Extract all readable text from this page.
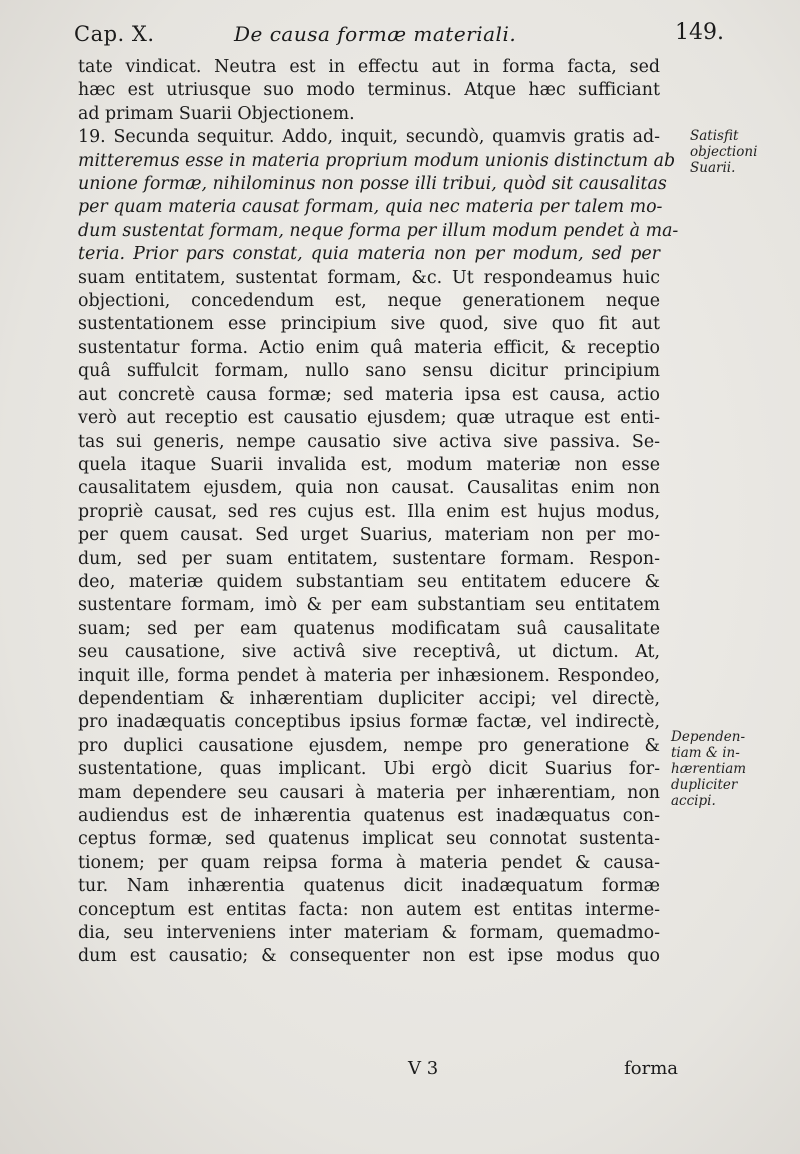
Cap. X.	De causa formæ materiali.	149.
tate vindicat. Neutra est in effectu aut in forma facta, sed
hæc est utriusque suo modo terminus. Atque hæc sufficiant
ad primam Suarii Objectionem.
19. Secunda sequitur. Addo, inquit, secundò, quamvis gratis ad-
mitteremus esse in materia proprium modum unionis distinctum ab
unione formæ, nihilominus non posse illi tribui, quòd sit causalitas
per quam materia causat formam, quia nec materia per talem mo-
dum sustentat formam, neque forma per illum modum pendet à ma-
teria. Prior pars constat, quia materia non per modum, sed per
suam entitatem, sustentat formam, &c. Ut respondeamus huic
objectioni, concedendum est, neque generationem neque
sustentationem esse principium sive quod, sive quo fit aut
sustentatur forma. Actio enim quâ materia efficit, & receptio
quâ suffulcit formam, nullo sano sensu dicitur principium
aut concretè causa formæ; sed materia ipsa est causa, actio
verò aut receptio est causatio ejusdem; quæ utraque est enti-
tas sui generis, nempe causatio sive activa sive passiva. Se-
quela itaque Suarii invalida est, modum materiæ non esse
causalitatem ejusdem, quia non causat. Causalitas enim non
propriè causat, sed res cujus est. Illa enim est hujus modus,
per quem causat. Sed urget Suarius, materiam non per mo-
dum, sed per suam entitatem, sustentare formam. Respon-
deo, materiæ quidem substantiam seu entitatem educere &
sustentare formam, imò & per eam substantiam seu entitatem
suam; sed per eam quatenus modificatam suâ causalitate
seu causatione, sive activâ sive receptivâ, ut dictum. At,
inquit ille, forma pendet à materia per inhæsionem. Respondeo,
dependentiam & inhærentiam dupliciter accipi; vel directè,
pro inadæquatis conceptibus ipsius formæ factæ, vel indirectè,
pro duplici causatione ejusdem, nempe pro generatione &
sustentatione, quas implicant. Ubi ergò dicit Suarius for-
mam dependere seu causari à materia per inhærentiam, non
audiendus est de inhærentia quatenus est inadæquatus con-
ceptus formæ, sed quatenus implicat seu connotat sustenta-
tionem; per quam reipsa forma à materia pendet & causa-
tur. Nam inhærentia quatenus dicit inadæquatum formæ
conceptum est entitas facta: non autem est entitas interme-
dia, seu interveniens inter materiam & formam, quemadmo-
dum est causatio; & consequenter non est ipse modus quo
Satisfit
objectioni
Suarii.
Dependen-
tiam & in-
hærentiam
dupliciter
accipi.
V 3	forma
